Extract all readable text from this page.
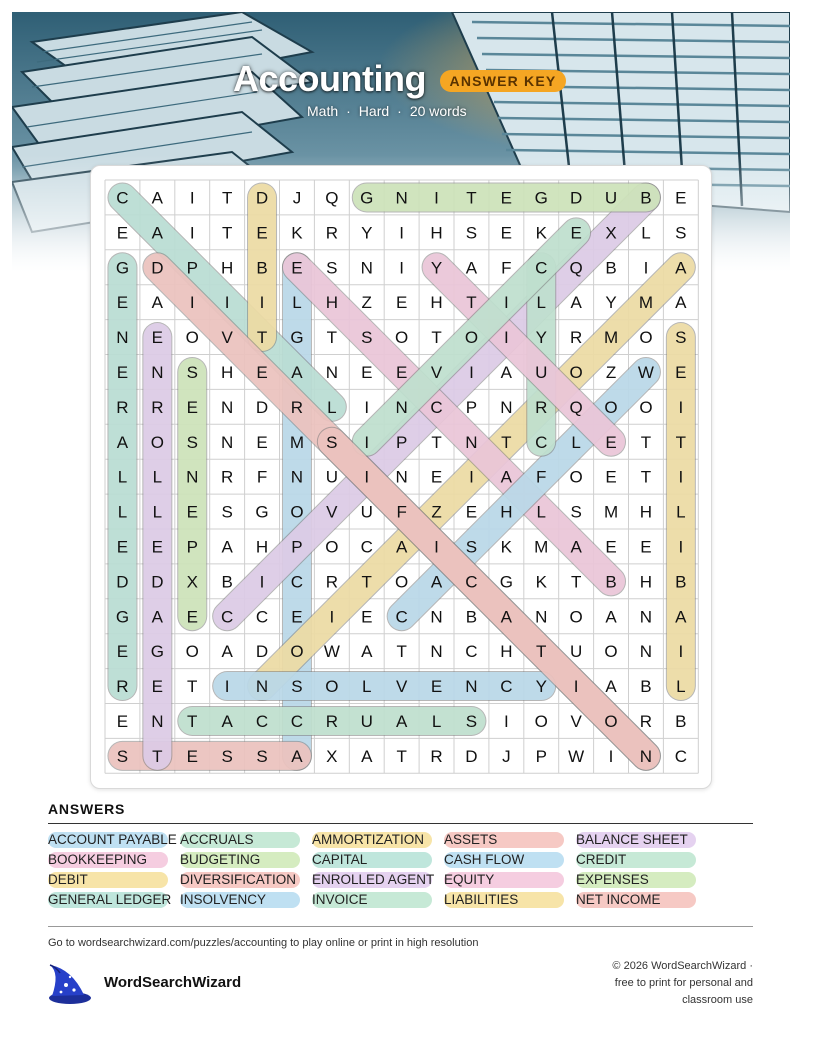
Accounting	ANSWER KEY
Math · Hard · 20 words
C A I T D J Q G N I T E G D U B E
E A I T E K R Y I H S E K E X L S
G D P H B E S N I Y A F C Q B I A
E A I I I L H Z E H T I L A Y M A
N E O V T G T S O T O I Y R M O S
E N S H E A N E E V I A U O Z W E
R R E N D R L I N C P N R Q O O I
A O S N E M S I P T N T C L E T T
L L N R F N U I N E I A F O E T I
L L E S G O V U F Z E H L S M H L
E E P A H P O C A I S K M A E E I
D D X B I C R T O A C G K T B H B
G A E C C E I E C N B A N O A N A
E G O A D O W A T N C H T U O N I
R E T I N S O L V E N C Y I A B L
E N T A C C R U A L S I O V O R B
S T E S S A X A T R D J P W I N C
ANSWERS
ACCOUNT PAYABLE
BOOKKEEPING
DEBIT
GENERAL LEDGER
ACCRUALS
BUDGETING
DIVERSIFICATION
INSOLVENCY
AMMORTIZATION
CAPITAL
ENROLLED AGENT
INVOICE
ASSETS
CASH FLOW
EQUITY
LIABILITIES
BALANCE SHEET
CREDIT
EXPENSES
NET INCOME
Go to wordsearchwizard.com/puzzles/accounting to play online or print in high resolution
WordSearchWizard
© 2026 WordSearchWizard ·
free to print for personal and
classroom use
